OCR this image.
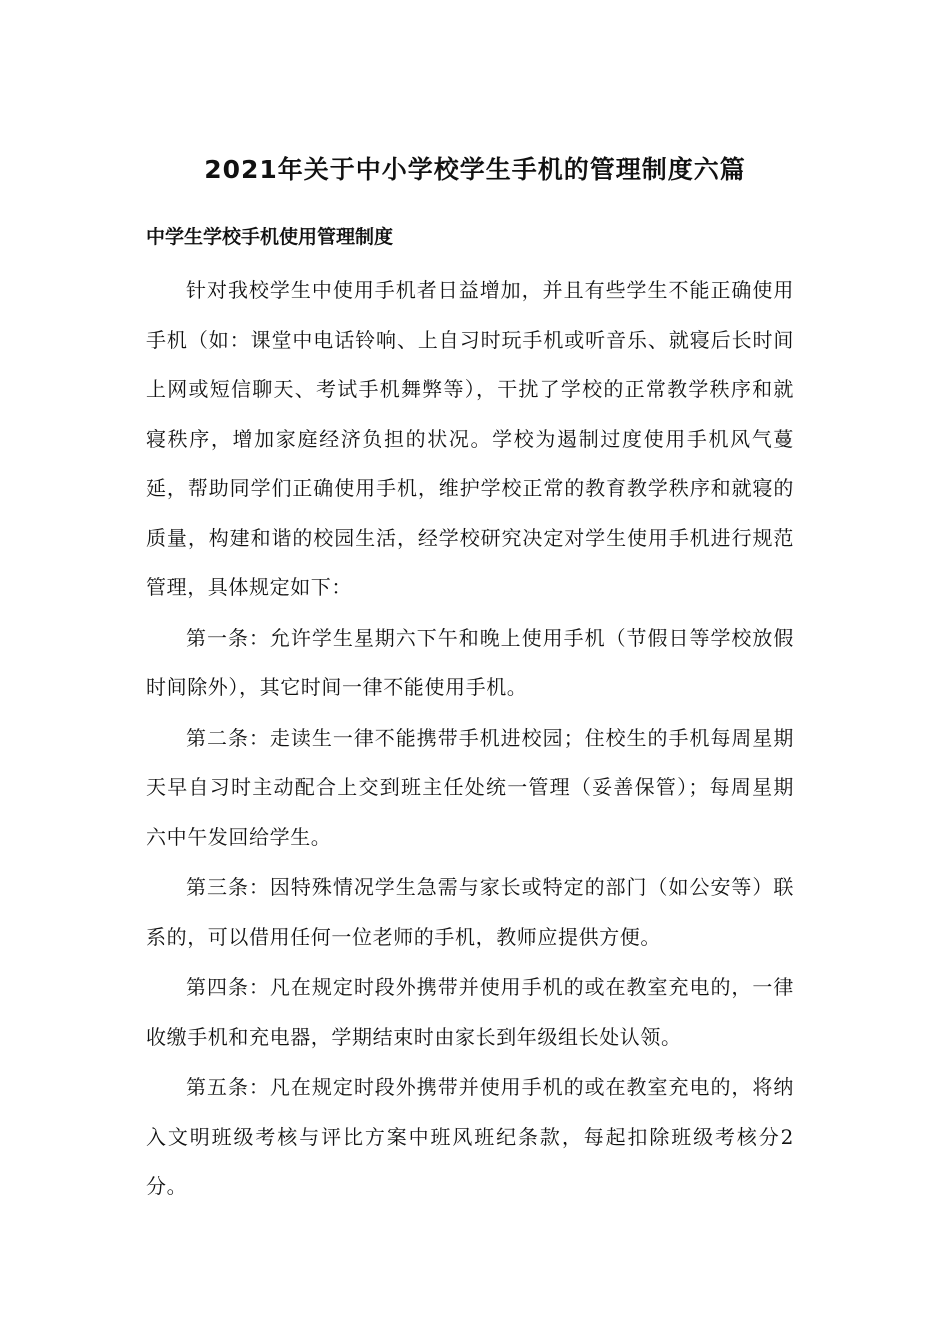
2021年关于中小学校学生手机的管理制度六篇
中学生学校手机使用管理制度

针对我校学生中使用手机者日益增加，并且有些学生不能正确使用手机（如：课堂中电话铃响、上自习时玩手机或听音乐、就寝后长时间上网或短信聊天、考试手机舞弊等），干扰了学校的正常教学秩序和就寝秩序，增加家庭经济负担的状况。学校为遏制过度使用手机风气蔓延，帮助同学们正确使用手机，维护学校正常的教育教学秩序和就寝的质量，构建和谐的校园生活，经学校研究决定对学生使用手机进行规范管理，具体规定如下：

第一条：允许学生星期六下午和晚上使用手机（节假日等学校放假时间除外），其它时间一律不能使用手机。

第二条：走读生一律不能携带手机进校园；住校生的手机每周星期天早自习时主动配合上交到班主任处统一管理（妥善保管）；每周星期六中午发回给学生。

第三条：因特殊情况学生急需与家长或特定的部门（如公安等）联系的，可以借用任何一位老师的手机，教师应提供方便。

第四条：凡在规定时段外携带并使用手机的或在教室充电的，一律收缴手机和充电器，学期结束时由家长到年级组长处认领。

第五条：凡在规定时段外携带并使用手机的或在教室充电的，将纳入文明班级考核与评比方案中班风班纪条款，每起扣除班级考核分2分。
